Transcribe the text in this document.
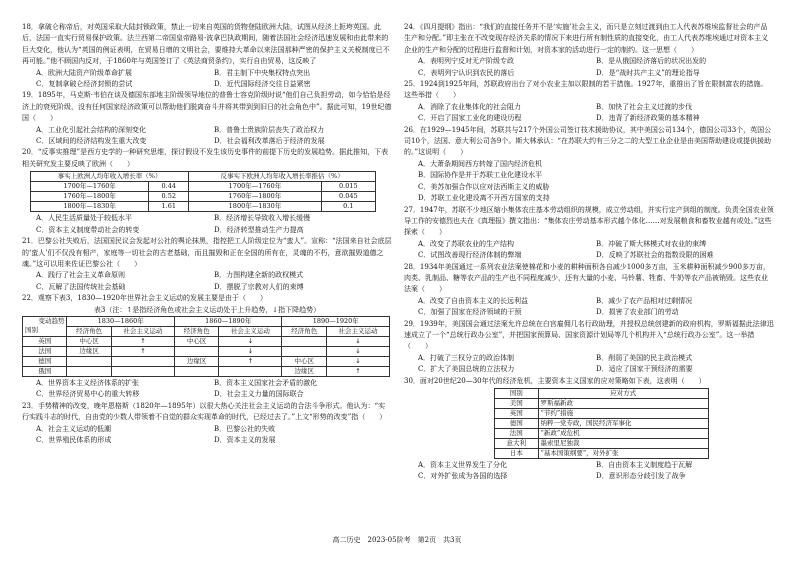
18．拿破仑称帝后，对英国采取大陆封锁政策，禁止一切来自英国的货物登陆欧洲大陆，试图从经济上扼垮英国。此后，法国一直实行贸易保护政策。法兰西第二帝国皇帝路易·波拿巴执政期间，随着法国社会经济迅速发展和由此带来的巨大变化，他认为“英国的例证表明，在贸易日增的文明社会，要维持大革命以来法国那种严密的保护主义关税制度已不再可能。”他不顾国内反对，于1860年与英国签订了《英法商贸条约》，实行自由贸易，这反映了

A．欧洲大陆资产阶级革命扩展	B．君主制下中央集权特点突出
C．复制拿破仑经济封锁的尝试	D．近代国际经济交往日益紧密

19．1895年，马克斯·韦伯在谈及德国东部地主阶级领导地位的普鲁士容克阶级时说“他们自己负担劳动，如今恰恰是经济上的衰死阶级，没有任何国家经济政策可以帮助他们脱离奋斗并将其带到到旧日的社会角色中”。据此可知，19世纪德国（　　）

A．工业化引起社会结构的深刻变化	B．普鲁士贵族阶层丧失了政治权力
C．区域间的经济结构发生重大改变	D．社会福利改革落后于经济的发展

20．“反事实推理”是西方史学的一种研究思维，探讨假设不发生该历史事件的前提下历史的发展趋势。据此推知，下表相关研究发主要反映了欧洲（　　）

事实上欧洲人均年收入增长率（%）		反事实下欧洲人均年收入增长率推估（%）	
1700年—1760年	0.44	1700年—1760年	0.015
1760年—1800年	0.52	1760年—1800年	0.045
1800年—1830年	1.61	1800年—1830年	0.1
A．人民生活质量处于较低水平	B．经济增长导致收入增长缓慢
C．资本主义制度带动社会的转变	D．经济转型推动生产力提高

21．巴黎公社失败后，法国国民议会发起对公社的舆论抹黑，指控把工人阶级定位为“蛮人”。宣称：“法国来自社会底层的‘蛮人’们不仅没有相产，家庭等一切社会的古老基础，而且摧毁和正在全国的所有在，灵魂的不朽，意欲摧毁道德之魂。”这可以用来佐证巴黎公社（　　）

A．践行了社会主义革命原则	B．力图构建全新的政权模式
C．瓦解了法国传统社会基础	D．摆脱了宗教对人们的束缚

22．观察下表3，1830—1920年世界社会主义运动的发展主要是由于（　　）

表3（注：↑是指经济角色或社会主义运动处于上升趋势，↓指下降趋势）
变动趋势
国别	1830—1860年		1860—1890年		1890—1920年	
	经济角色	社会主义运动	经济角色	社会主义运动	经济角色	社会主义运动
英国	中心区	↑	中心区	↓		↓
法国	边缘区	↑		↓		↓
德国			边缘区	↑	中心区	↓
俄国					边缘区	↑
A．世界资本主义经济体系的扩张	B．资本主义国家社会矛盾的激化
C．世界经济贸易中心的重大转移	D．社会主义力量的国际联合

23．手势精神的改变，晚年恩格斯（1820年—1895年）以很大热心关注社会主义运动的合法斗争形式。他认为：“实行实践斗志的时代，自由党的少数人带领着不自觉的群众实现革命的时代，已经过去了。”上文“形势的改变”指（　　）

A．社会主义运动的低潮	B．巴黎公社的失败
C．世界殖民体系的形成	D．资本主义的发展

24．《四月提纲》指出：“我们的直接任务并不是‘实施’社会主义，而只是立刻过渡到由工人代表苏维埃监督社会的产品生产和分配。”即主张在不改变现存经济关系的情况下来进行所有制性质的直接变化，由工人代表苏维埃通过对资本主义企业的生产和分配的过程进行监督和计划，对资本家的活动进行一定的制约。这一思想（　　）

A．表明列宁反对无产阶级专政	B．是从俄国经济落后的状况出发的
C．表明列宁认识到农民的落后	D．是“战时共产主义”的理论指导

25．1924到1925年间，苏联政府出台了对小农业主加以限制的若干措施。1927年，重推出了旨在限制富农的措施。这些举措（　　）

A．消除了农业集体化的社会阻力	B．加快了社会主义过渡的步伐
C．开启了国家工业化的建设历程	D．违背了新经济政策的基本精神

26．在1929—1945年间，苏联共与217个外国公司签订技术援助协议，其中美国公司134个，德国公司33个，英国公司10个，法国、意大利公司各9个。斯大林承认：“在苏联大约有三分之二的大型工业企业是由美国帮助建设或提供援助的。”这说明（　　）

A．大萧条期间西方转嫁了国内经济危机
B．国际协作是并于苏联工业化建设水平
C．美苏加强合作以应对法西斯主义的威胁
D．苏联工业化建设离不开西方国家的支持

27．1947年，苏联不少地区缩小集体农庄基本劳动组织的规模，成立劳动组，并实行定产到组的制度。负责全国农业领导工作的安德烈也夫在《真理报》撰文指出：“集体农庄劳动基本形式越个体化……对发展粮食和畜牧业越有或处。”这些探索（　　）

A．改变了苏联农业的生产结构	B．冲破了斯大林模式对农业的束缚
C．试图改善现行经济体制的弊端	D．反映了苏联社会的指数设限的困难

28．1934年美国通过一系列农业法案使棉花和小麦的耕种面积各自减少1000多万亩，玉米耕种面积减少900多万亩，肉类、乳制品、糖等农产品的生产也不同程度减少，还有大量的小麦、马铃薯、牲畜、牛奶等农产品被销毁。这些农业法案（　　）

A．改变了自由资本主义的长远利益	B．减少了农产品相对过剩情况
C．加强了国家在经济领域的干预	D．损害了农业部门的劳动

29．1939年，美国国会通过法案允许总统在白宫雇佣几名行政助理，并授权总统创建新的政府机构，罗斯福据此法律迅速成立了一个“总统行政办公室”，并把国家预算局、国家资源计划局等几个机构并入“总统行政办公室”。这一举措（　　）

A．打破了三权分立的政治体制	B．削弱了美国的民主政治模式
C．扩大了美国总统的立法权力	D．适应了国家干预经济的需要

30．面对20世纪20—30年代的经济危机，主要资本主义国家的应对策略如下表，这表明（　　）

国别	应对方式
美国	罗斯福新政
英国	“节约”措施
德国	纳粹一党专政，国民经济军事化
法国	“新政”成危机
意大利	墨索里尼独裁
日本	“基本国策纲要”，对外扩张
A．资本主义世界发生了分化	B．自由资本主义制度趋于瓦解
C．对外扩张成为各国的选择	D．意识形态分歧引发了战争
高二历史　2023-05阶考　第2页　共3页
